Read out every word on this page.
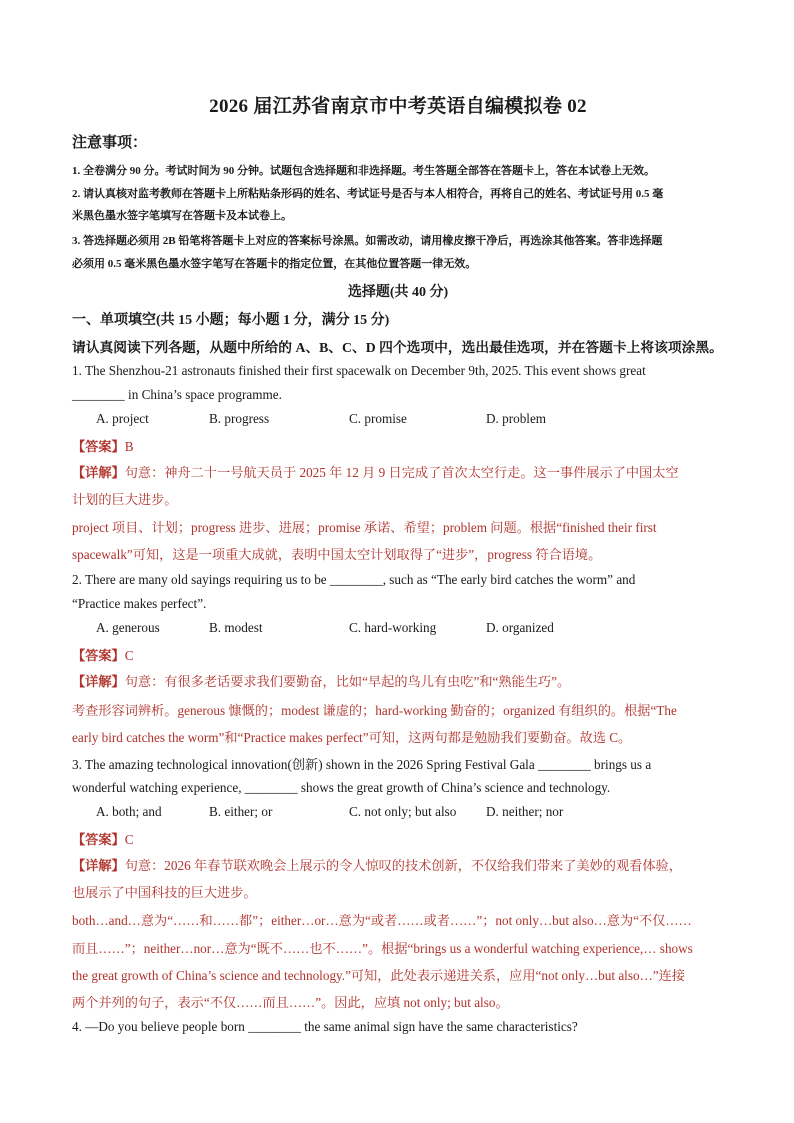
2026 届江苏省南京市中考英语自编模拟卷 02
注意事项：
1. 全卷满分 90 分。考试时间为 90 分钟。试题包含选择题和非选择题。考生答题全部答在答题卡上，答在本试卷上无效。
2. 请认真核对监考教师在答题卡上所粘贴条形码的姓名、考试证号是否与本人相符合，再将自己的姓名、考试证号用 0.5 毫
米黑色墨水签字笔填写在答题卡及本试卷上。
3. 答选择题必须用 2B 铅笔将答题卡上对应的答案标号涂黑。如需改动，请用橡皮擦干净后，再选涂其他答案。答非选择题
必须用 0.5 毫米黑色墨水签字笔写在答题卡的指定位置，在其他位置答题一律无效。
选择题(共 40 分)
一、单项填空(共 15 小题；每小题 1 分，满分 15 分)
请认真阅读下列各题，从题中所给的 A、B、C、D 四个选项中，选出最佳选项，并在答题卡上将该项涂黑。
1. The Shenzhou-21 astronauts finished their first spacewalk on December 9th, 2025. This event shows great
________ in China’s space programme.
A. project	B. progress	C. promise	D. problem
【答案】B
【详解】句意：神舟二十一号航天员于 2025 年 12 月 9 日完成了首次太空行走。这一事件展示了中国太空
计划的巨大进步。
project 项目、计划；progress 进步、进展；promise 承诺、希望；problem 问题。根据“finished their first
spacewalk”可知，这是一项重大成就，表明中国太空计划取得了“进步”，progress 符合语境。
2. There are many old sayings requiring us to be ________, such as “The early bird catches the worm” and
“Practice makes perfect”.
A. generous	B. modest	C. hard-working	D. organized
【答案】C
【详解】句意：有很多老话要求我们要勤奋，比如“早起的鸟儿有虫吃”和“熟能生巧”。
考查形容词辨析。generous 慷慨的；modest 谦虚的；hard-working 勤奋的；organized 有组织的。根据“The
early bird catches the worm”和“Practice makes perfect”可知，这两句都是勉励我们要勤奋。故选 C。
3. The amazing technological innovation(创新) shown in the 2026 Spring Festival Gala ________ brings us a
wonderful watching experience, ________ shows the great growth of China’s science and technology.
A. both; and	B. either; or	C. not only; but also D. neither; nor
【答案】C
【详解】句意：2026 年春节联欢晚会上展示的令人惊叹的技术创新，不仅给我们带来了美妙的观看体验，
也展示了中国科技的巨大进步。
both…and…意为“……和……都”；either…or…意为“或者……或者……”；not only…but also…意为“不仅……
而且……”；neither…nor…意为“既不……也不……”。根据“brings us a wonderful watching experience,… shows
the great growth of China’s science and technology.”可知，此处表示递进关系，应用“not only…but also…”连接
两个并列的句子，表示“不仅……而且……”。因此，应填 not only; but also。
4. —Do you believe people born ________ the same animal sign have the same characteristics?
